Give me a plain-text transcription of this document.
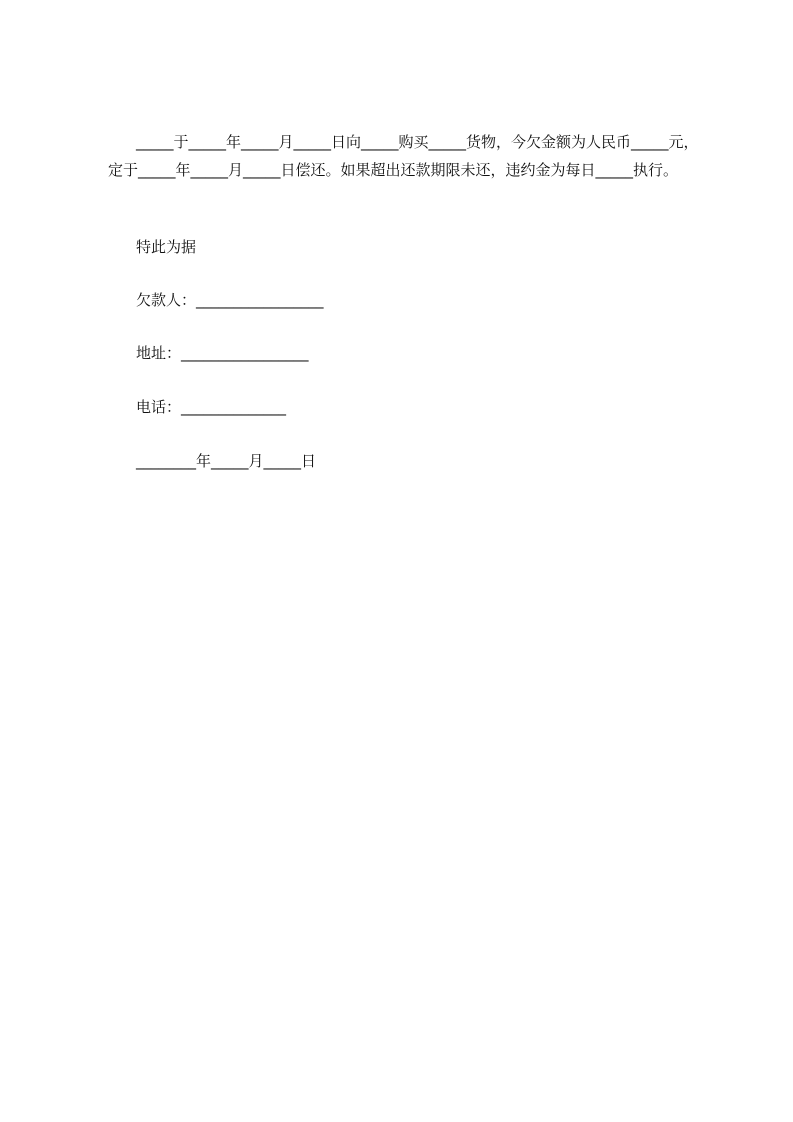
_____于_____年_____月_____日向_____购买_____货物，今欠金额为人民币_____元，定于_____年_____月_____日偿还。如果超出还款期限未还，违约金为每日_____执行。

特此为据

欠款人：_________________

地址：_________________

电话：______________

________年_____月_____日
